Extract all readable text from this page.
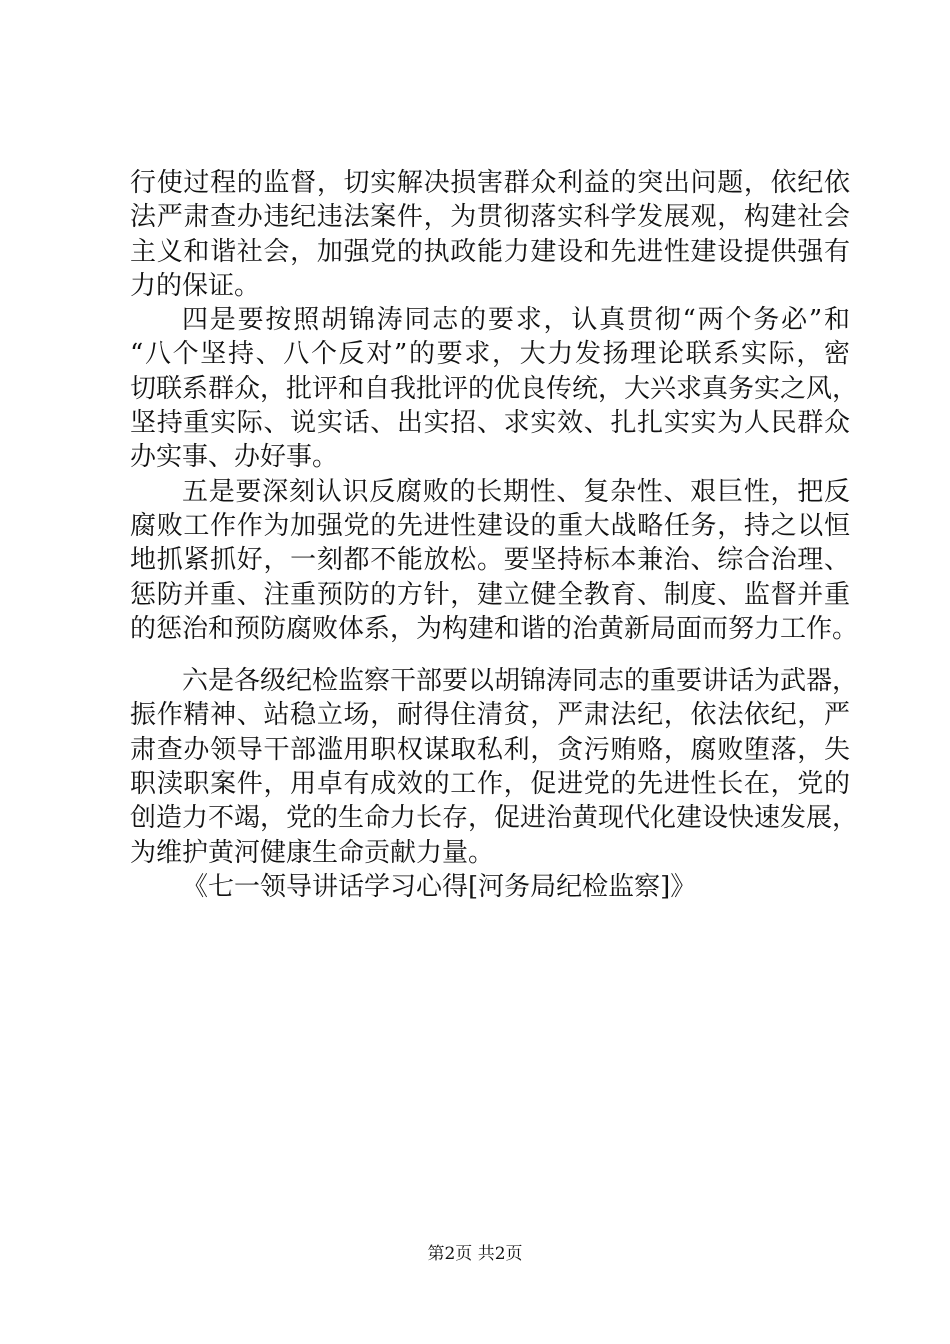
行使过程的监督，切实解决损害群众利益的突出问题，依纪依
法严肃查办违纪违法案件，为贯彻落实科学发展观，构建社会
主义和谐社会，加强党的执政能力建设和先进性建设提供强有
力的保证。
四是要按照胡锦涛同志的要求，认真贯彻“两个务必”和
“八个坚持、八个反对”的要求，大力发扬理论联系实际，密
切联系群众，批评和自我批评的优良传统，大兴求真务实之风，
坚持重实际、说实话、出实招、求实效、扎扎实实为人民群众
办实事、办好事。
五是要深刻认识反腐败的长期性、复杂性、艰巨性，把反
腐败工作作为加强党的先进性建设的重大战略任务，持之以恒
地抓紧抓好，一刻都不能放松。要坚持标本兼治、综合治理、
惩防并重、注重预防的方针，建立健全教育、制度、监督并重
的惩治和预防腐败体系，为构建和谐的治黄新局面而努力工作。
六是各级纪检监察干部要以胡锦涛同志的重要讲话为武器，
振作精神、站稳立场，耐得住清贫，严肃法纪，依法依纪，严
肃查办领导干部滥用职权谋取私利，贪污贿赂，腐败堕落，失
职渎职案件，用卓有成效的工作，促进党的先进性长在，党的
创造力不竭，党的生命力长存，促进治黄现代化建设快速发展，
为维护黄河健康生命贡献力量。
《七一领导讲话学习心得[河务局纪检监察]》
第2页 共2页
